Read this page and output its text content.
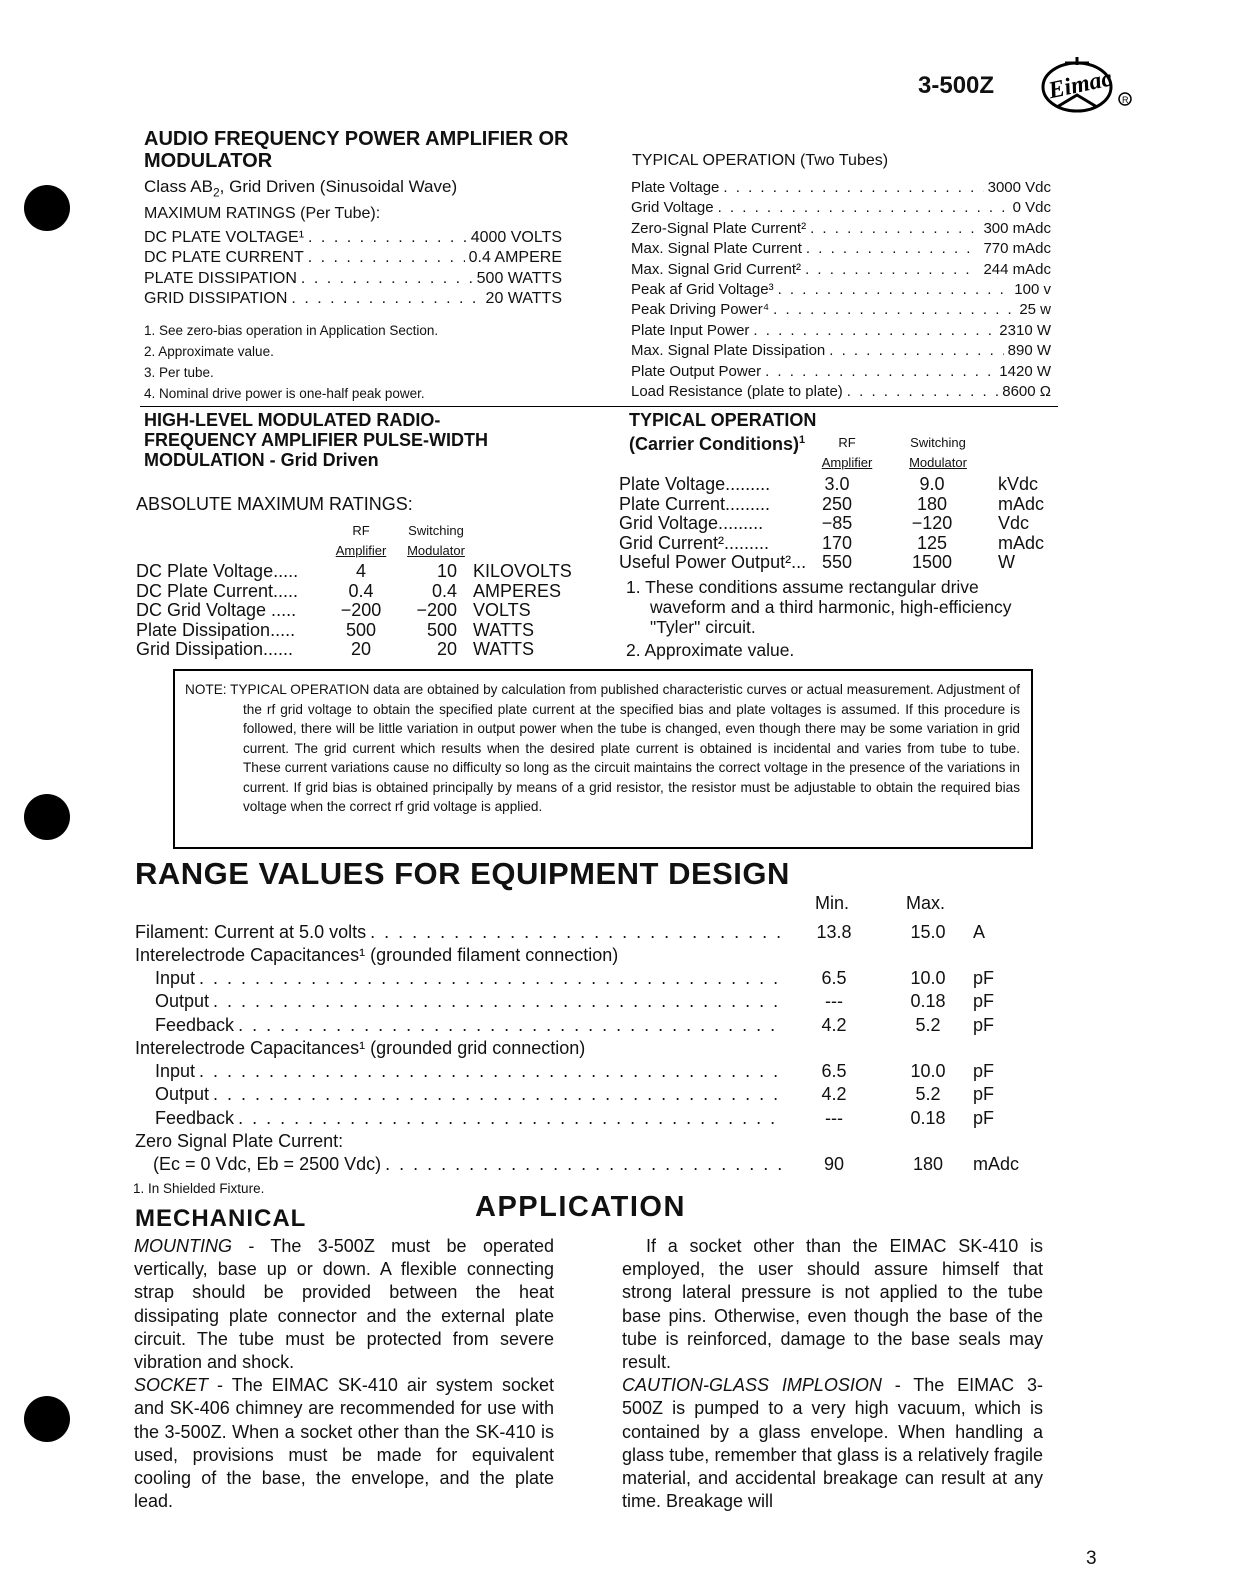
3-500Z Eimac R
AUDIO FREQUENCY POWER AMPLIFIER OR
MODULATOR
Class $AB_2$, Grid Driven (Sinusoidal Wave)
MAXIMUM RATINGS (Per Tube):
DC PLATE VOLTAGE¹ . . .	4000 VOLTS
DC PLATE CURRENT . . .	0.4 AMPERE
PLATE DISSIPATION . . .	500 WATTS
GRID DISSIPATION . . .	20 WATTS
1. See zero-bias operation in Application Section.
2. Approximate value.
3. Per tube.
4. Nominal drive power is one-half peak power.
TYPICAL OPERATION (Two Tubes)
Plate Voltage . . .	3000 Vdc
Grid Voltage . . .	0 Vdc
Zero-Signal Plate Current² . . .	300 mAdc
Max. Signal Plate Current . . .	770 mAdc
Max. Signal Grid Current² . . .	244 mAdc
Peak af Grid Voltage³ . . .	100 v
Peak Driving Power⁴ . . .	25 w
Plate Input Power . . .	2310 W
Max. Signal Plate Dissipation . . .	890 W
Plate Output Power . . .	1420 W
Load Resistance (plate to plate) . . .	8600 Ω
HIGH-LEVEL MODULATED RADIO-
FREQUENCY AMPLIFIER PULSE-WIDTH
MODULATION - Grid Driven
ABSOLUTE MAXIMUM RATINGS:
RF
Amplifier
Switching
Modulator
DC Plate Voltage.....	4	10 KILOVOLTS
DC Plate Current.....	0.4	0.4 AMPERES
DC Grid Voltage .....	−200	−200 VOLTS
Plate Dissipation.....	500	500 WATTS
Grid Dissipation......	20	20 WATTS
TYPICAL OPERATION
(Carrier Conditions)$^1$	RF
Amplifier
Switching
Modulator
Plate Voltage.........	3.0	9.0	kVdc
Plate Current.........	250	180	mAdc
Grid Voltage.........	−85	−120	Vdc
Grid Current².........	170	125	mAdc
Useful Power Output²... 550	1500	W
1. These conditions assume rectangular drive
waveform and a third harmonic, high-efficiency
"Tyler" circuit.
2. Approximate value.
NOTE: TYPICAL OPERATION data are obtained by calculation from published characteristic curves or actual measurement. Adjustment of the rf grid voltage to obtain the specified plate current at the specified bias and plate voltages is assumed. If this procedure is followed, there will be little variation in output power when the tube is changed, even though there may be some variation in grid current. The grid current which results when the desired plate current is obtained is incidental and varies from tube to tube. These current variations cause no difficulty so long as the circuit maintains the correct voltage in the presence of the variations in current. If grid bias is obtained principally by means of a grid resistor, the resistor must be adjustable to obtain the required bias voltage when the correct rf grid voltage is applied.
RANGE VALUES FOR EQUIPMENT DESIGN
Min.	Max.
Filament: Current at 5.0 volts . . .	13.8	15.0	A
Interelectrode Capacitances¹ (grounded filament connection)
Input . . .	6.5	10.0	pF
Output . . .	---	0.18	pF
Feedback . . .	4.2	5.2	pF
Interelectrode Capacitances¹ (grounded grid connection)
Input . . .	6.5	10.0	pF
Output . . .	4.2	5.2	pF
Feedback . . .	---	0.18	pF
Zero Signal Plate Current:
(Ec = 0 Vdc, Eb = 2500 Vdc) . . .	90	180	mAdc
1. In Shielded Fixture.
MECHANICAL	APPLICATION

MOUNTING - The 3-500Z must be operated vertically, base up or down. A flexible connecting strap should be provided between the heat dissipating plate connector and the external plate circuit. The tube must be protected from severe vibration and shock.

SOCKET - The EIMAC SK-410 air system socket and SK-406 chimney are recommended for use with the 3-500Z. When a socket other than the SK-410 is used, provisions must be made for equivalent cooling of the base, the envelope, and the plate lead.

If a socket other than the EIMAC SK-410 is employed, the user should assure himself that strong lateral pressure is not applied to the tube base pins. Otherwise, even though the base of the tube is reinforced, damage to the base seals may result.

CAUTION-GLASS IMPLOSION - The EIMAC 3-500Z is pumped to a very high vacuum, which is contained by a glass envelope. When handling a glass tube, remember that glass is a relatively fragile material, and accidental breakage can result at any time. Breakage will

3
